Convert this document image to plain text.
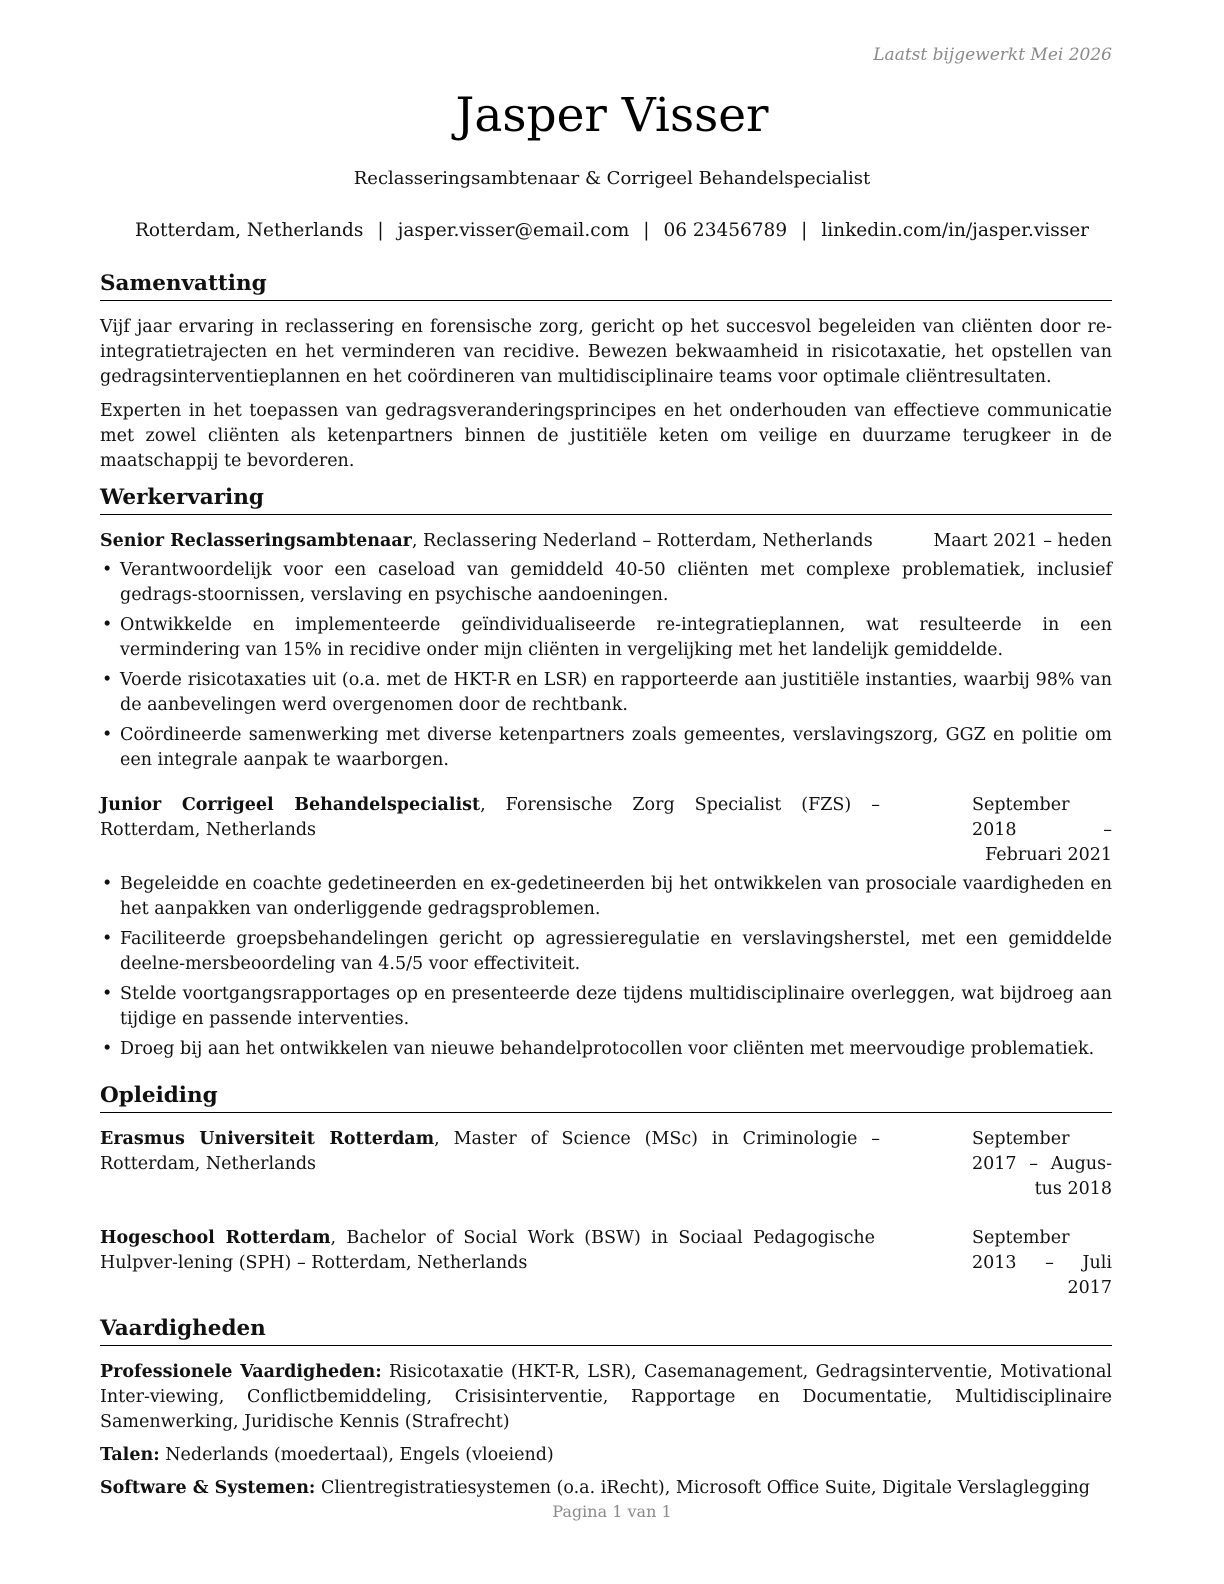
Laatst bijgewerkt Mei 2026
Jasper Visser
Reclasseringsambtenaar & Corrigeel Behandelspecialist
Rotterdam, Netherlands | jasper.visser@email.com | 06 23456789 | linkedin.com/in/jasper.visser
Samenvatting

Vijf jaar ervaring in reclassering en forensische zorg, gericht op het succesvol begeleiden van cliënten door re-integratietrajecten en het verminderen van recidive. Bewezen bekwaamheid in risicotaxatie, het opstellen van gedragsinterventieplannen en het coördineren van multidisciplinaire teams voor optimale cliëntresultaten.

Experten in het toepassen van gedragsveranderingsprincipes en het onderhouden van effectieve communicatie met zowel cliënten als ketenpartners binnen de justitiële keten om veilige en duurzame terugkeer in de maatschappij te bevorderen.

Werkervaring
Senior Reclasseringsambtenaar, Reclassering Nederland – Rotterdam, Netherlands	Maart 2021 – heden
• Verantwoordelijk voor een caseload van gemiddeld 40-50 cliënten met complexe problematiek, inclusief gedrags-stoornissen, verslaving en psychische aandoeningen.
• Ontwikkelde en implementeerde geïndividualiseerde re-integratieplannen, wat resulteerde in een vermindering van 15% in recidive onder mijn cliënten in vergelijking met het landelijk gemiddelde.
• Voerde risicotaxaties uit (o.a. met de HKT-R en LSR) en rapporteerde aan justitiële instanties, waarbij 98% van de aanbevelingen werd overgenomen door de rechtbank.
• Coördineerde samenwerking met diverse ketenpartners zoals gemeentes, verslavingszorg, GGZ en politie om een integrale aanpak te waarborgen.
Junior Corrigeel Behandelspecialist, Forensische Zorg Specialist (FZS) – Rotterdam, Netherlands
September 2018 – Februari 2021
• Begeleidde en coachte gedetineerden en ex-gedetineerden bij het ontwikkelen van prosociale vaardigheden en het aanpakken van onderliggende gedragsproblemen.
• Faciliteerde groepsbehandelingen gericht op agressieregulatie en verslavingsherstel, met een gemiddelde deelne-mersbeoordeling van 4.5/5 voor effectiviteit.
• Stelde voortgangsrapportages op en presenteerde deze tijdens multidisciplinaire overleggen, wat bijdroeg aan tijdige en passende interventies.
• Droeg bij aan het ontwikkelen van nieuwe behandelprotocollen voor cliënten met meervoudige problematiek.
Opleiding
Erasmus Universiteit Rotterdam, Master of Science (MSc) in Criminologie – Rotterdam, Netherlands
September 2017 – Augus-tus 2018
Hogeschool Rotterdam, Bachelor of Social Work (BSW) in Sociaal Pedagogische Hulpver-lening (SPH) – Rotterdam, Netherlands
September 2013 – Juli 2017
Vaardigheden

Professionele Vaardigheden: Risicotaxatie (HKT-R, LSR), Casemanagement, Gedragsinterventie, Motivational Inter-viewing, Conflictbemiddeling, Crisisinterventie, Rapportage en Documentatie, Multidisciplinaire Samenwerking, Juridische Kennis (Strafrecht)

Talen: Nederlands (moedertaal), Engels (vloeiend)

Software & Systemen: Clientregistratiesystemen (o.a. iRecht), Microsoft Office Suite, Digitale Verslaglegging

Pagina 1 van 1
